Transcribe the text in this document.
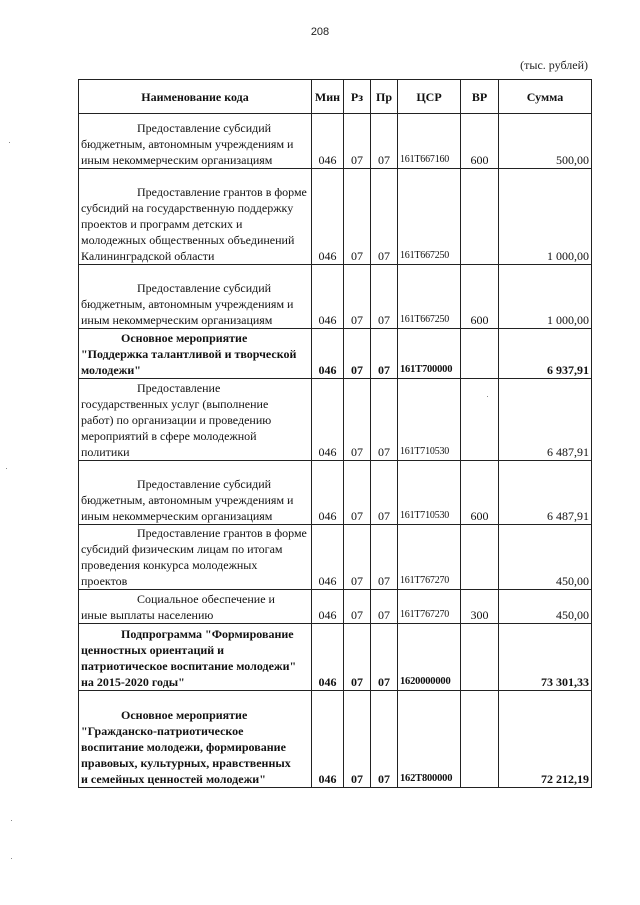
208
(тыс. рублей)
Наименование кода	Мин	Рз	Пр	ЦСР	ВР	Сумма
Предоставление субсидий
бюджетным, автономным учреждениям и
иным некоммерческим организациям	046	07	07	161Т667160	600	500,00
Предоставление грантов в форме
субсидий на государственную поддержку
проектов и программ детских и
молодежных общественных объединений
Калининградской области	046	07	07	161Т667250		1 000,00
Предоставление субсидий
бюджетным, автономным учреждениям и
иным некоммерческим организациям	046	07	07	161Т667250	600	1 000,00
Основное мероприятие
"Поддержка талантливой и творческой
молодежи"	046	07	07	161Т700000		6 937,91
Предоставление
государственных услуг (выполнение
работ) по организации и проведению
мероприятий в сфере молодежной
политики	046	07	07	161Т710530		6 487,91
Предоставление субсидий
бюджетным, автономным учреждениям и
иным некоммерческим организациям	046	07	07	161Т710530	600	6 487,91
Предоставление грантов в форме
субсидий физическим лицам по итогам
проведения конкурса молодежных
проектов	046	07	07	161Т767270		450,00
Социальное обеспечение и
иные выплаты населению	046	07	07	161Т767270	300	450,00
Подпрограмма "Формирование
ценностных ориентаций и
патриотическое воспитание молодежи"
на 2015-2020 годы"	046	07	07	1620000000		73 301,33
Основное мероприятие
"Гражданско-патриотическое
воспитание молодежи, формирование
правовых, культурных, нравственных
и семейных ценностей молодежи"	046	07	07	162Т800000		72 212,19
